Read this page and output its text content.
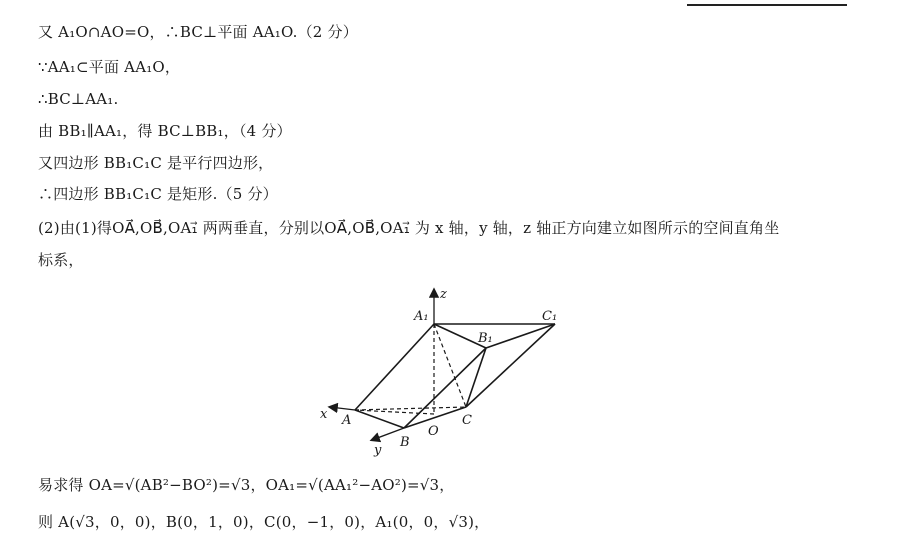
又 A₁O∩AO=O，∴BC⊥平面 AA₁O.（2 分）
∵AA₁⊂平面 AA₁O，
∴BC⊥AA₁.
由 BB₁∥AA₁，得 BC⊥BB₁，（4 分）
又四边形 BB₁C₁C 是平行四边形，
∴四边形 BB₁C₁C 是矩形.（5 分）
(2)由(1)得OA⃗,OB⃗,OA₁⃗ 两两垂直，分别以OA⃗,OB⃗,OA₁⃗ 为 x 轴，y 轴，z 轴正方向建立如图所示的空间直角坐
标系，
z
x
y
A₁
B₁
C₁
A
B
C
O
易求得 OA=√(AB²−BO²)=√3，OA₁=√(AA₁²−AO²)=√3，
则 A(√3，0，0)，B(0，1，0)，C(0，−1，0)，A₁(0，0，√3)，
